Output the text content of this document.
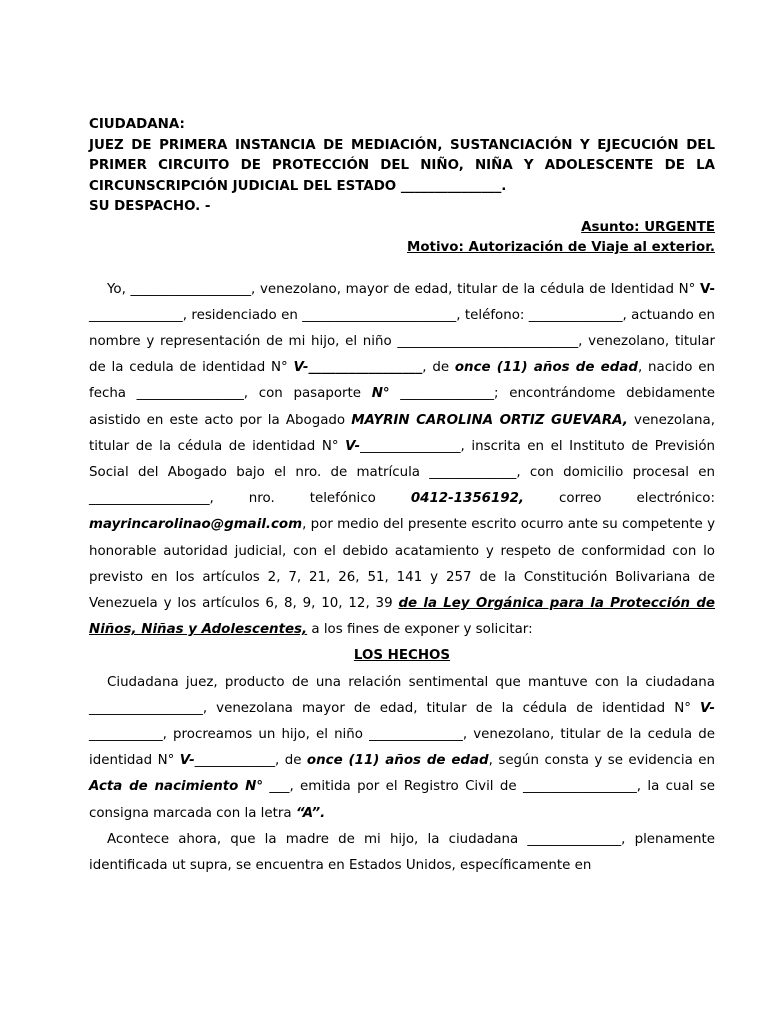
CIUDADANA:
JUEZ DE PRIMERA INSTANCIA DE MEDIACIÓN, SUSTANCIACIÓN Y EJECUCIÓN DEL PRIMER CIRCUITO DE PROTECCIÓN DEL NIÑO, NIÑA Y ADOLESCENTE DE LA CIRCUNSCRIPCIÓN JUDICIAL DEL ESTADO _______________.
SU DESPACHO. -
Asunto: URGENTE
Motivo: Autorización de Viaje al exterior.

Yo, __________________, venezolano, mayor de edad, titular de la cédula de Identidad N° V-______________, residenciado en _______________________, teléfono: ______________, actuando en nombre y representación de mi hijo, el niño ___________________________, venezolano, titular de la cedula de identidad N° V-_________________, de once (11) años de edad, nacido en fecha ________________, con pasaporte N° ______________; encontrándome debidamente asistido en este acto por la Abogado MAYRIN CAROLINA ORTIZ GUEVARA, venezolana, titular de la cédula de identidad N° V-_______________, inscrita en el Instituto de Previsión Social del Abogado bajo el nro. de matrícula _____________, con domicilio procesal en __________________, nro. telefónico 0412-1356192, correo electrónico: mayrincarolinao@gmail.com, por medio del presente escrito ocurro ante su competente y honorable autoridad judicial, con el debido acatamiento y respeto de conformidad con lo previsto en los artículos 2, 7, 21, 26, 51, 141 y 257 de la Constitución Bolivariana de Venezuela y los artículos 6, 8, 9, 10, 12, 39 de la Ley Orgánica para la Protección de Niños, Niñas y Adolescentes, a los fines de exponer y solicitar:

LOS HECHOS

Ciudadana juez, producto de una relación sentimental que mantuve con la ciudadana _________________, venezolana mayor de edad, titular de la cédula de identidad N° V-___________, procreamos un hijo, el niño ______________, venezolano, titular de la cedula de identidad N° V-____________, de once (11) años de edad, según consta y se evidencia en Acta de nacimiento N° ___, emitida por el Registro Civil de _________________, la cual se consigna marcada con la letra “A”.

Acontece ahora, que la madre de mi hijo, la ciudadana ______________, plenamente identificada ut supra, se encuentra en Estados Unidos, específicamente en
